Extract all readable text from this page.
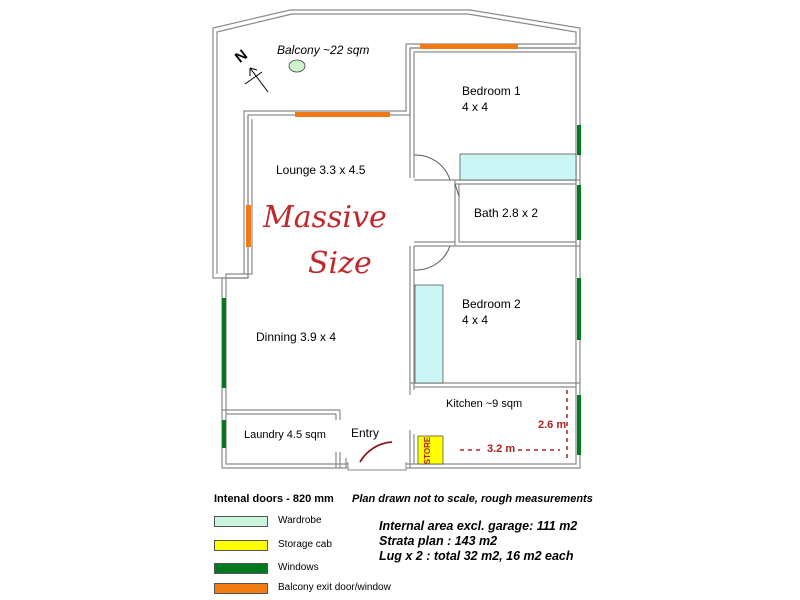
N Balcony ~22 sqm
Bedroom 1
4 x 4
Lounge 3.3 x 4.5
Bath 2.8 x 2
Bedroom 2
4 x 4
Dinning 3.9 x 4
Kitchen ~9 sqm
Laundry 4.5 sqm Entry
STORE
Massive
Size
2.6 m
3.2 m
Intenal doors - 820 mm Plan drawn not to scale, rough measurements
Wardrobe
Storage cab
Windows
Balcony exit door/window
Internal area excl. garage: 111 m2
Strata plan : 143 m2
Lug x 2 : total 32 m2, 16 m2 each
